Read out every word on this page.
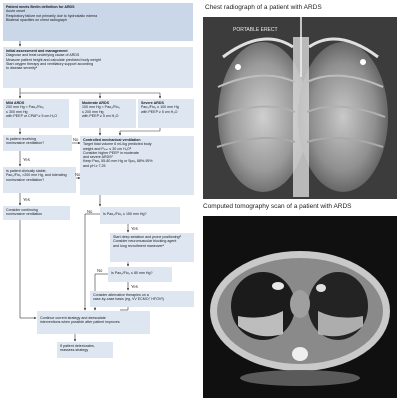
Patient meets Berlin definition for ARDS
Acute onset
Respiratory failure not primarily due to hydrostatic edema
Bilateral opacities on chest radiograph
Initial assessment and management
Diagnose and treat underlying cause of ARDS
Measure patient height and calculate predicted body weight
Start oxygen therapy and ventilatory support according
to disease severityᵃ
Mild ARDS
200 mm Hg < Pao₂/Fio₂
≤ 300 mm Hg
with PEEP or CPAP ≥ 5 cm H₂O
Moderate ARDS
100 mm Hg < Pao₂/Fio₂
≤ 200 mm Hg
with PEEP ≥ 5 cm H₂O
Severe ARDS
Pao₂/Fio₂ ≤ 100 mm Hg
with PEEP ≥ 5 cm H₂O
Is patient receiving
noninvasive ventilation?
No
Yes
Is patient clinically stable,
Pao₂/Fio₂ >200 mm Hg, and tolerating
noninvasive ventilation?
No
Yes
Consider continuing
noninvasive ventilation
Controlled mechanical ventilation
Target tidal volume 6 mL/kg predicted body
weight and Pₚₗₐₜ ≤ 30 cm H₂Oᵇ
Consider higher PEEP in moderate
and severe ARDSᶜ
Keep Pao₂ 55-80 mm Hg or Spo₂ 88%-95%
and pH ≥ 7.25
No	Is Pao₂/Fio₂ ≤ 150 mm Hg?
Yes
Start deep sedation and prone positioningᵈ
Consider neuromuscular blocking agent
and lung recruitment maneuverᵉ
No Is Pao₂/Fio₂ ≤ 80 mm Hg?
Yes
Consider alternative therapies on a
case-by-case basis (eg, VV ECMO,ᶠ HFOVᵍ)
Continue current strategy and deescalate
interventions when possible after patient improves
If patient deteriorates,
reassess strategy
Chest radiograph of a patient with ARDS
PORTABLE ERECT
Computed tomography scan of a patient with ARDS
